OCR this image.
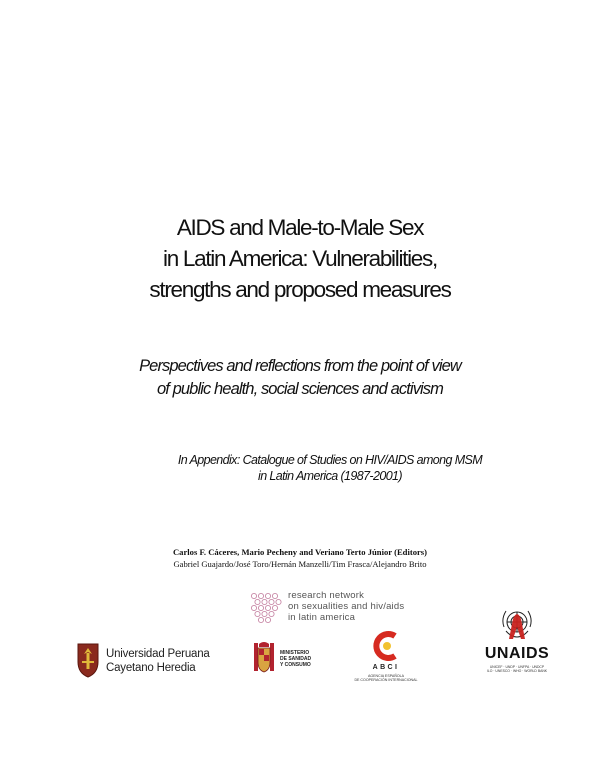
AIDS and Male-to-Male Sex
in Latin America: Vulnerabilities,
strengths and proposed measures
Perspectives and reflections from the point of view
of public health, social sciences and activism
In Appendix: Catalogue of Studies on HIV/AIDS among MSM
in Latin America (1987-2001)
Carlos F. Cáceres, Mario Pecheny and Veriano Terto Júnior (Editors)
Gabriel Guajardo/José Toro/Hernán Manzelli/Tim Frasca/Alejandro Brito
research network
on sexualities and hiv/aids
in latin america
Universidad Peruana
Cayetano Heredia
MINISTERIO
DE SANIDAD
Y CONSUMO	ABCI
AGENCIA ESPAÑOLA
DE COOPERACIÓN INTERNACIONAL
UNAIDS
UNICEF · UNDP · UNFPA · UNDCP
ILO · UNESCO · WHO · WORLD BANK
